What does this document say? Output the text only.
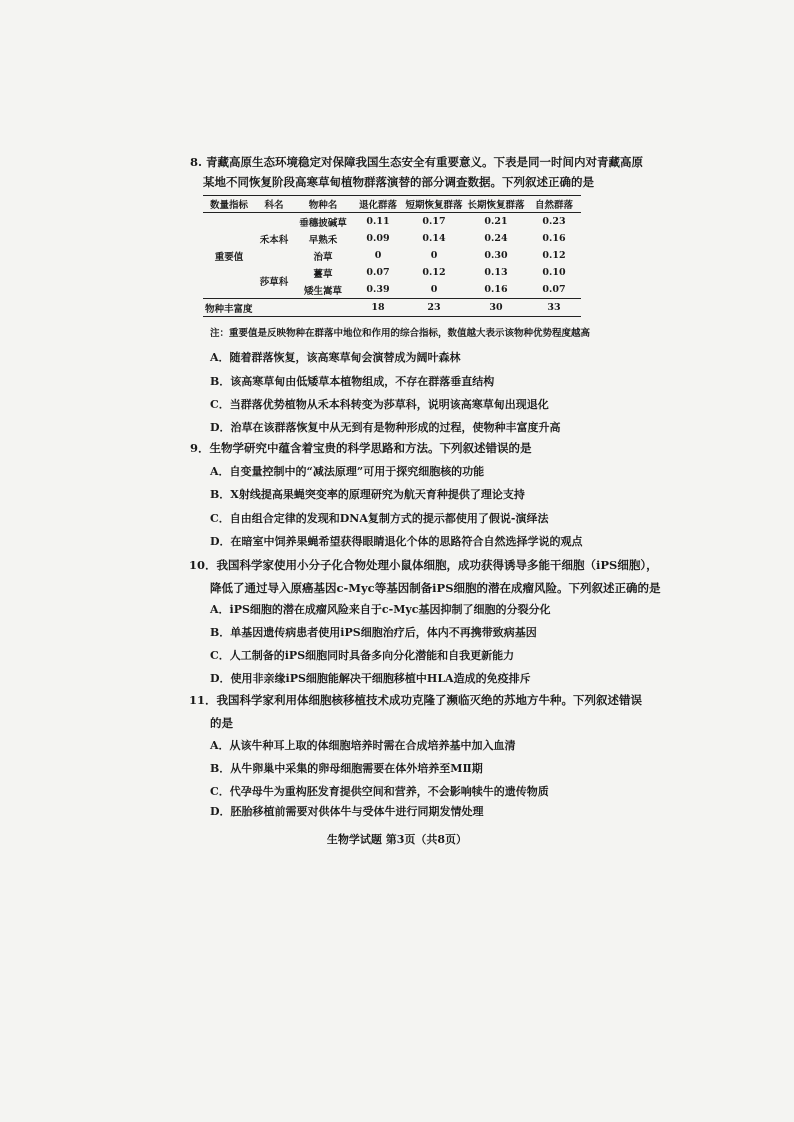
8. 青藏高原生态环境稳定对保障我国生态安全有重要意义。下表是同一时间内对青藏高原
某地不同恢复阶段高寒草甸植物群落演替的部分调查数据。下列叙述正确的是
数量指标	科名	物种名	退化群落	短期恢复群落	长期恢复群落	自然群落
重要值	禾本科	垂穗披碱草	0.11	0.17	0.21	0.23
		早熟禾	0.09	0.14	0.24	0.16
		治草	0	0	0.30	0.12
	莎草科	薹草	0.07	0.12	0.13	0.10
		矮生嵩草	0.39	0	0.16	0.07
物种丰富度			18	23	30	33
注：重要值是反映物种在群落中地位和作用的综合指标，数值越大表示该物种优势程度越高
A．随着群落恢复，该高寒草甸会演替成为阔叶森林
B．该高寒草甸由低矮草本植物组成，不存在群落垂直结构
C．当群落优势植物从禾本科转变为莎草科，说明该高寒草甸出现退化
D．治草在该群落恢复中从无到有是物种形成的过程，使物种丰富度升高
9．生物学研究中蕴含着宝贵的科学思路和方法。下列叙述错误的是
A．自变量控制中的“减法原理”可用于探究细胞核的功能
B．X射线提高果蝇突变率的原理研究为航天育种提供了理论支持
C．自由组合定律的发现和DNA复制方式的提示都使用了假说-演绎法
D．在暗室中饲养果蝇希望获得眼睛退化个体的思路符合自然选择学说的观点
10．我国科学家使用小分子化合物处理小鼠体细胞，成功获得诱导多能干细胞（iPS细胞），
降低了通过导入原癌基因c-Myc等基因制备iPS细胞的潜在成瘤风险。下列叙述正确的是
A．iPS细胞的潜在成瘤风险来自于c-Myc基因抑制了细胞的分裂分化
B．单基因遗传病患者使用iPS细胞治疗后，体内不再携带致病基因
C．人工制备的iPS细胞同时具备多向分化潜能和自我更新能力
D．使用非亲缘iPS细胞能解决干细胞移植中HLA造成的免疫排斥
11．我国科学家利用体细胞核移植技术成功克隆了濒临灭绝的苏地方牛种。下列叙述错误
的是
A．从该牛种耳上取的体细胞培养时需在合成培养基中加入血清
B．从牛卵巢中采集的卵母细胞需要在体外培养至MⅡ期
C．代孕母牛为重构胚发育提供空间和营养，不会影响犊牛的遗传物质
D．胚胎移植前需要对供体牛与受体牛进行同期发情处理
生物学试题 第3页（共8页）
